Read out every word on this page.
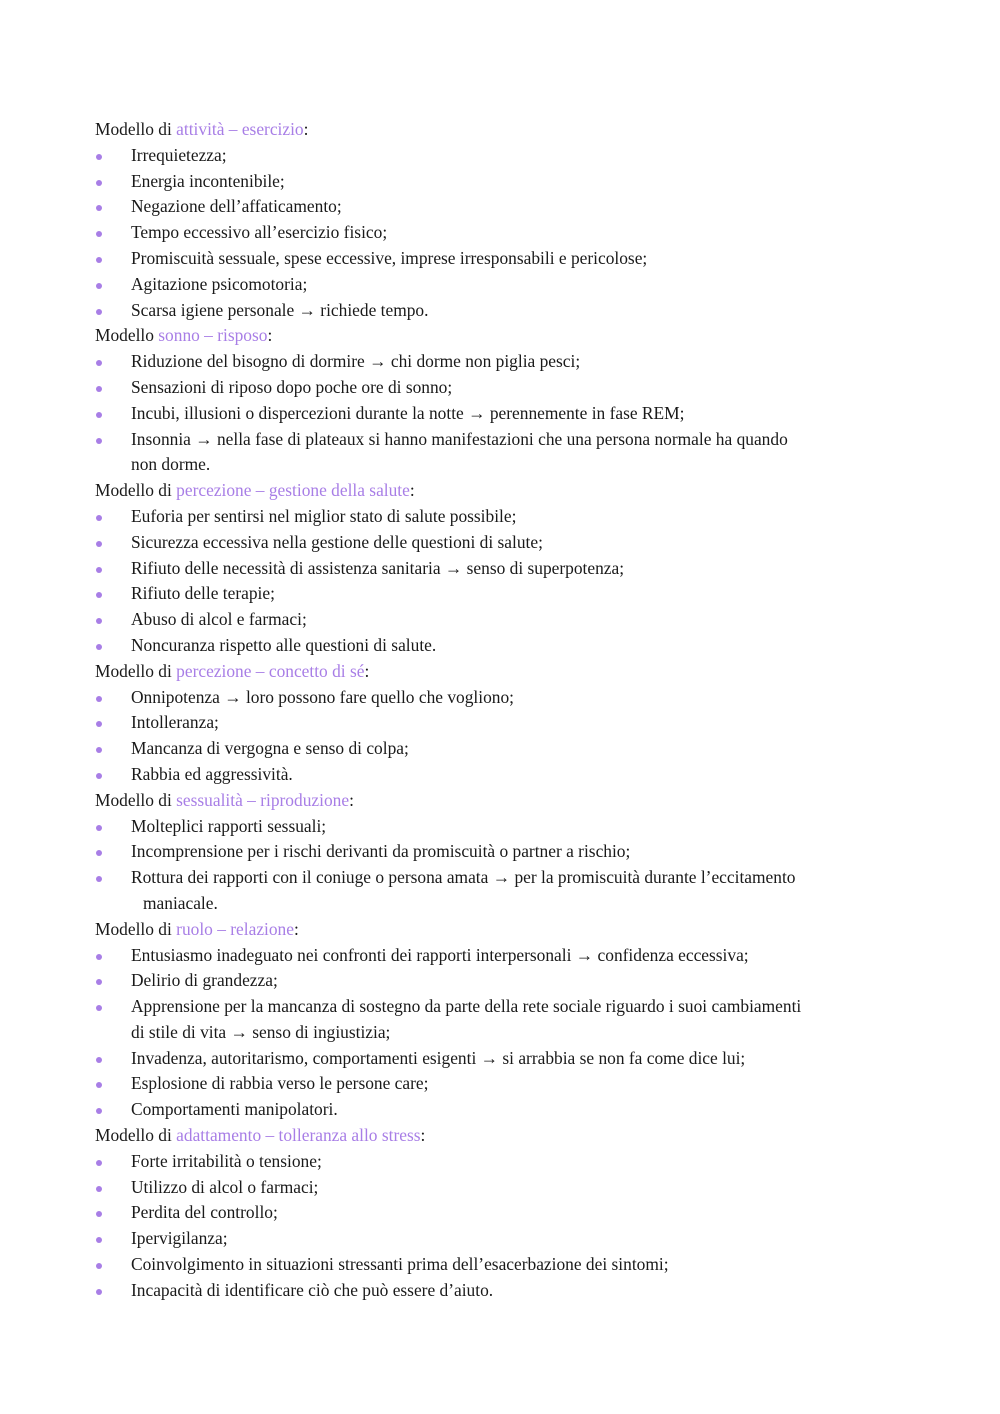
Modello di attività – esercizio:
Irrequietezza;
Energia incontenibile;
Negazione dell’affaticamento;
Tempo eccessivo all’esercizio fisico;
Promiscuità sessuale, spese eccessive, imprese irresponsabili e pericolose;
Agitazione psicomotoria;
Scarsa igiene personale → richiede tempo.
Modello sonno – risposo:
Riduzione del bisogno di dormire → chi dorme non piglia pesci;
Sensazioni di riposo dopo poche ore di sonno;
Incubi, illusioni o dispercezioni durante la notte → perennemente in fase REM;
Insonnia → nella fase di plateaux si hanno manifestazioni che una persona normale ha quando
non dorme.
Modello di percezione – gestione della salute:
Euforia per sentirsi nel miglior stato di salute possibile;
Sicurezza eccessiva nella gestione delle questioni di salute;
Rifiuto delle necessità di assistenza sanitaria → senso di superpotenza;
Rifiuto delle terapie;
Abuso di alcol e farmaci;
Noncuranza rispetto alle questioni di salute.
Modello di percezione – concetto di sé:
Onnipotenza → loro possono fare quello che vogliono;
Intolleranza;
Mancanza di vergogna e senso di colpa;
Rabbia ed aggressività.
Modello di sessualità – riproduzione:
Molteplici rapporti sessuali;
Incomprensione per i rischi derivanti da promiscuità o partner a rischio;
Rottura dei rapporti con il coniuge o persona amata → per la promiscuità durante l’eccitamento
maniacale.
Modello di ruolo – relazione:
Entusiasmo inadeguato nei confronti dei rapporti interpersonali → confidenza eccessiva;
Delirio di grandezza;
Apprensione per la mancanza di sostegno da parte della rete sociale riguardo i suoi cambiamenti
di stile di vita → senso di ingiustizia;
Invadenza, autoritarismo, comportamenti esigenti → si arrabbia se non fa come dice lui;
Esplosione di rabbia verso le persone care;
Comportamenti manipolatori.
Modello di adattamento – tolleranza allo stress:
Forte irritabilità o tensione;
Utilizzo di alcol o farmaci;
Perdita del controllo;
Ipervigilanza;
Coinvolgimento in situazioni stressanti prima dell’esacerbazione dei sintomi;
Incapacità di identificare ciò che può essere d’aiuto.
